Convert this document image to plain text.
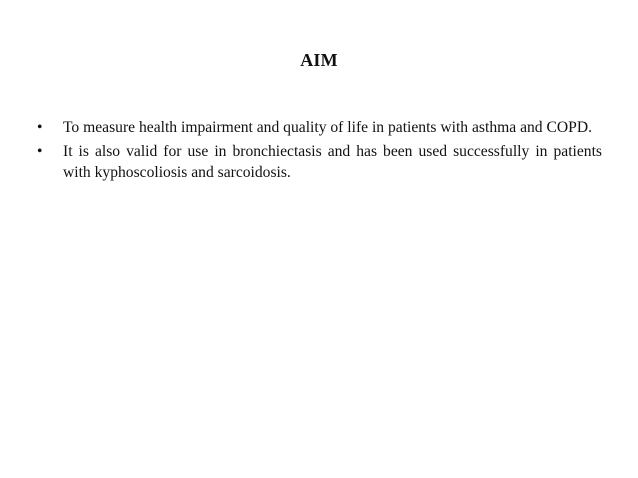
AIM
•	To measure health impairment and quality of life in patients with asthma and COPD.
•	It is also valid for use in bronchiectasis and has been used successfully in patients with kyphoscoliosis and sarcoidosis.
